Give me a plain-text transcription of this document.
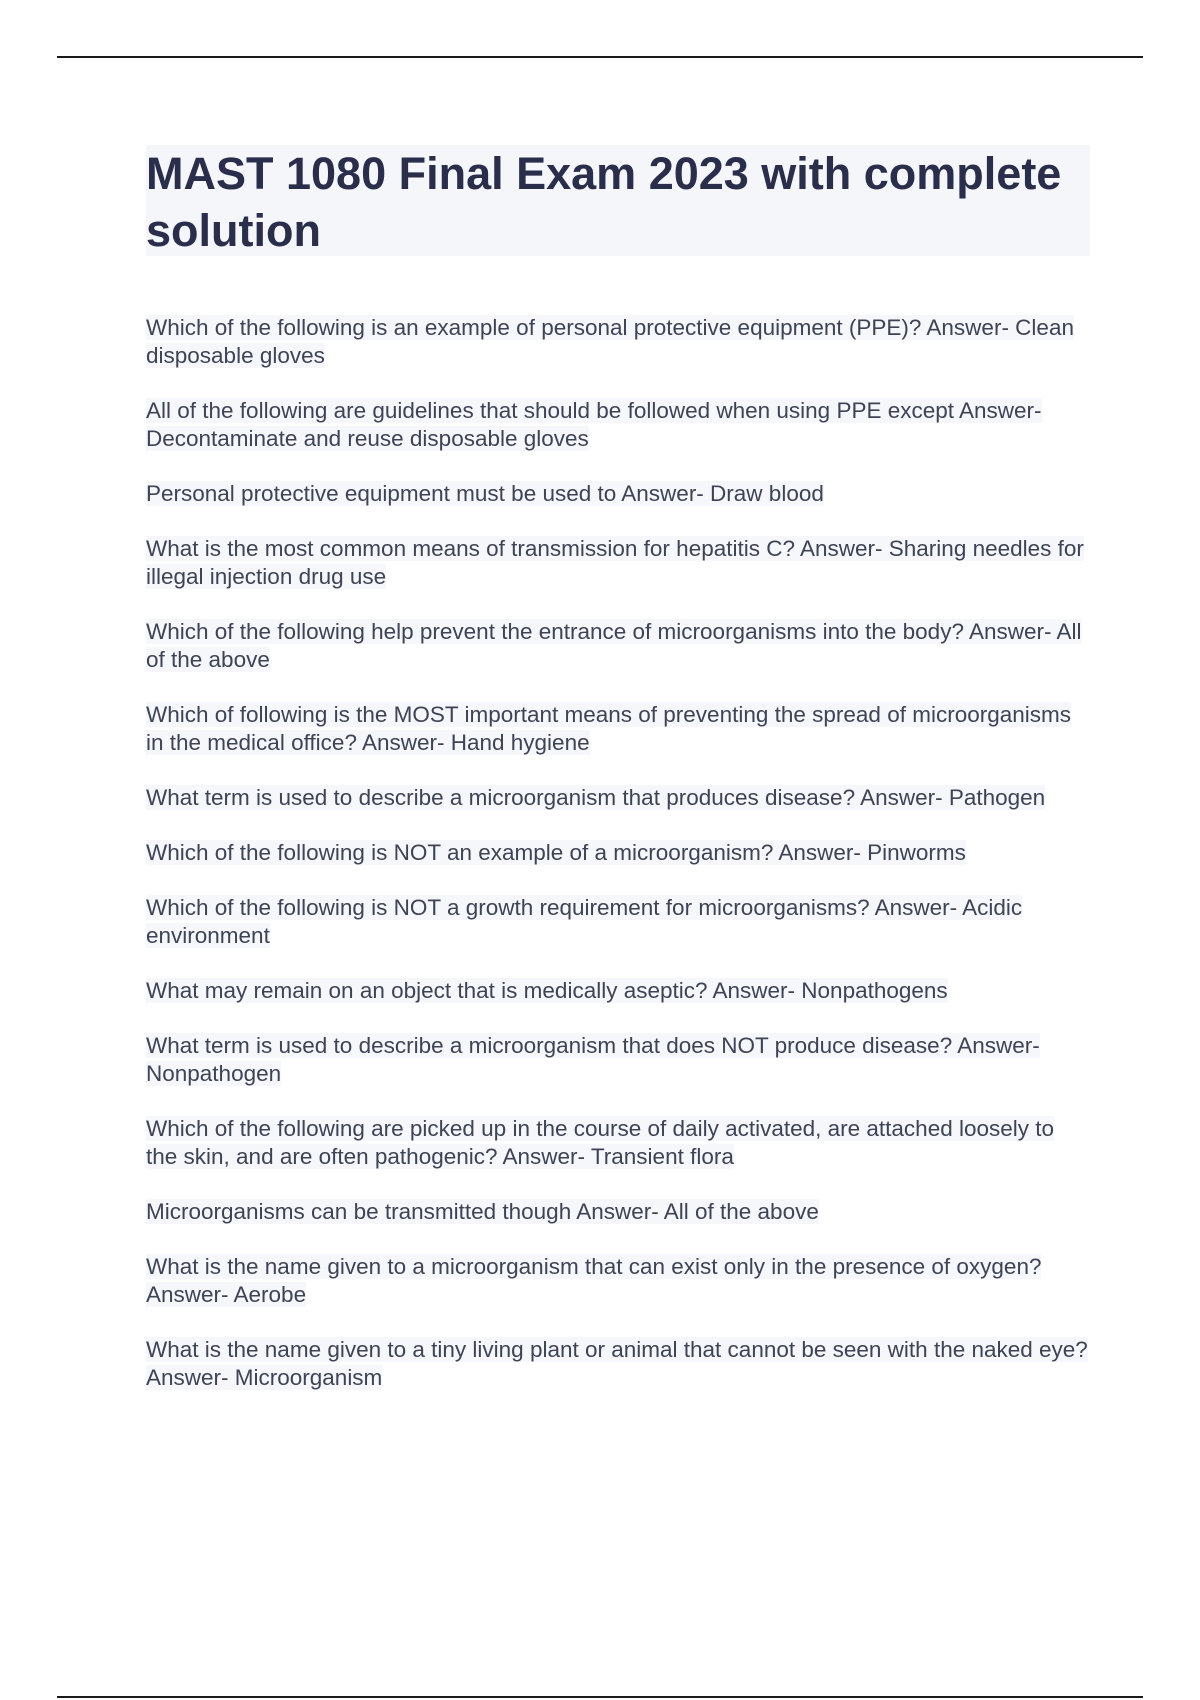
MAST 1080 Final Exam 2023 with complete solution

Which of the following is an example of personal protective equipment (PPE)? Answer- Clean disposable gloves

All of the following are guidelines that should be followed when using PPE except Answer- Decontaminate and reuse disposable gloves

Personal protective equipment must be used to Answer- Draw blood

What is the most common means of transmission for hepatitis C? Answer- Sharing needles for illegal injection drug use

Which of the following help prevent the entrance of microorganisms into the body? Answer- All of the above

Which of following is the MOST important means of preventing the spread of microorganisms in the medical office? Answer- Hand hygiene

What term is used to describe a microorganism that produces disease? Answer- Pathogen

Which of the following is NOT an example of a microorganism? Answer- Pinworms

Which of the following is NOT a growth requirement for microorganisms? Answer- Acidic environment

What may remain on an object that is medically aseptic? Answer- Nonpathogens

What term is used to describe a microorganism that does NOT produce disease? Answer- Nonpathogen

Which of the following are picked up in the course of daily activated, are attached loosely to the skin, and are often pathogenic? Answer- Transient flora

Microorganisms can be transmitted though Answer- All of the above

What is the name given to a microorganism that can exist only in the presence of oxygen? Answer- Aerobe

What is the name given to a tiny living plant or animal that cannot be seen with the naked eye? Answer- Microorganism
